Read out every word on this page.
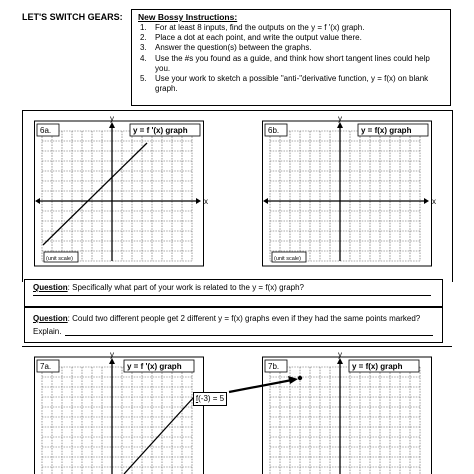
LET'S SWITCH GEARS: New Bossy Instructions:
1.	For at least 8 inputs, find the outputs on the y = f '(x) graph.
2.	Place a dot at each point, and write the output value there.
3.	Answer the question(s) between the graphs.
4.	Use the #s you found as a guide, and think how short tangent lines could help you.
5.	Use your work to sketch a possible "anti-"derivative function, y = f(x) on blank graph.
x
y
6a.	y = f '(x) graph
(unit scale)
x
y
6b.	y = f(x) graph
(unit scale)
Question: Specifically what part of your work is related to the y = f(x) graph?
Question: Could two different people get 2 different y = f(x) graphs even if they had the same points marked?
Explain.
y
7a.	y = f '(x) graph
y
7b.	y = f(x) graph
f(-3) = 5
